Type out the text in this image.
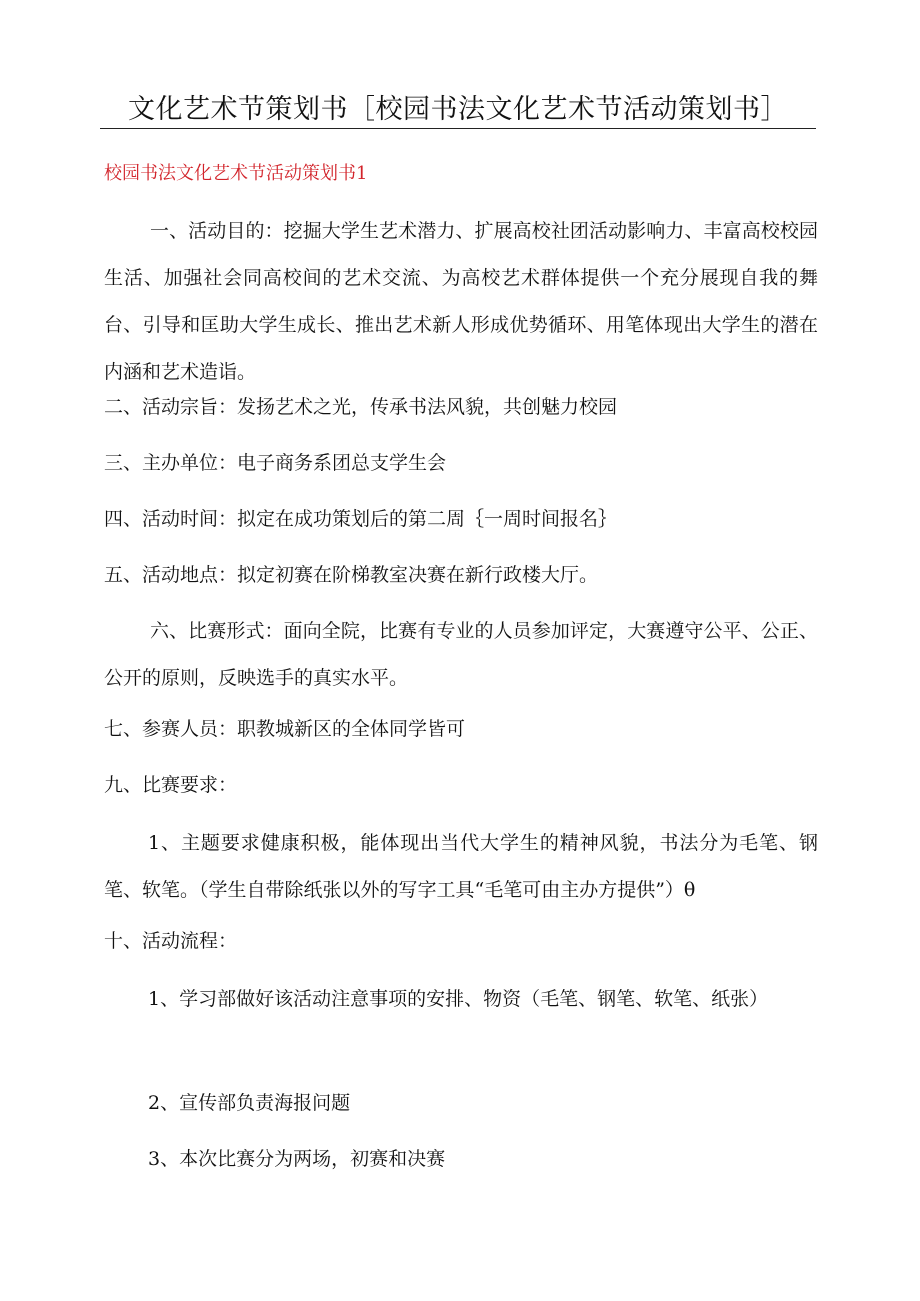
文化艺术节策划书［校园书法文化艺术节活动策划书］
校园书法文化艺术节活动策划书1

一、活动目的：挖掘大学生艺术潜力、扩展高校社团活动影响力、丰富高校校园生活、加强社会同高校间的艺术交流、为高校艺术群体提供一个充分展现自我的舞台、引导和匡助大学生成长、推出艺术新人形成优势循环、用笔体现出大学生的潜在内涵和艺术造诣。

二、活动宗旨：发扬艺术之光，传承书法风貌，共创魅力校园

三、主办单位：电子商务系团总支学生会

四、活动时间：拟定在成功策划后的第二周｛一周时间报名｝

五、活动地点：拟定初赛在阶梯教室决赛在新行政楼大厅。

六、比赛形式：面向全院，比赛有专业的人员参加评定，大赛遵守公平、公正、公开的原则，反映选手的真实水平。

七、参赛人员：职教城新区的全体同学皆可

九、比赛要求：

1、主题要求健康积极，能体现出当代大学生的精神风貌，书法分为毛笔、钢笔、软笔。（学生自带除纸张以外的写字工具“毛笔可由主办方提供”）θ

十、活动流程：

1、学习部做好该活动注意事项的安排、物资（毛笔、钢笔、软笔、纸张）

2、宣传部负责海报问题

3、本次比赛分为两场，初赛和决赛
